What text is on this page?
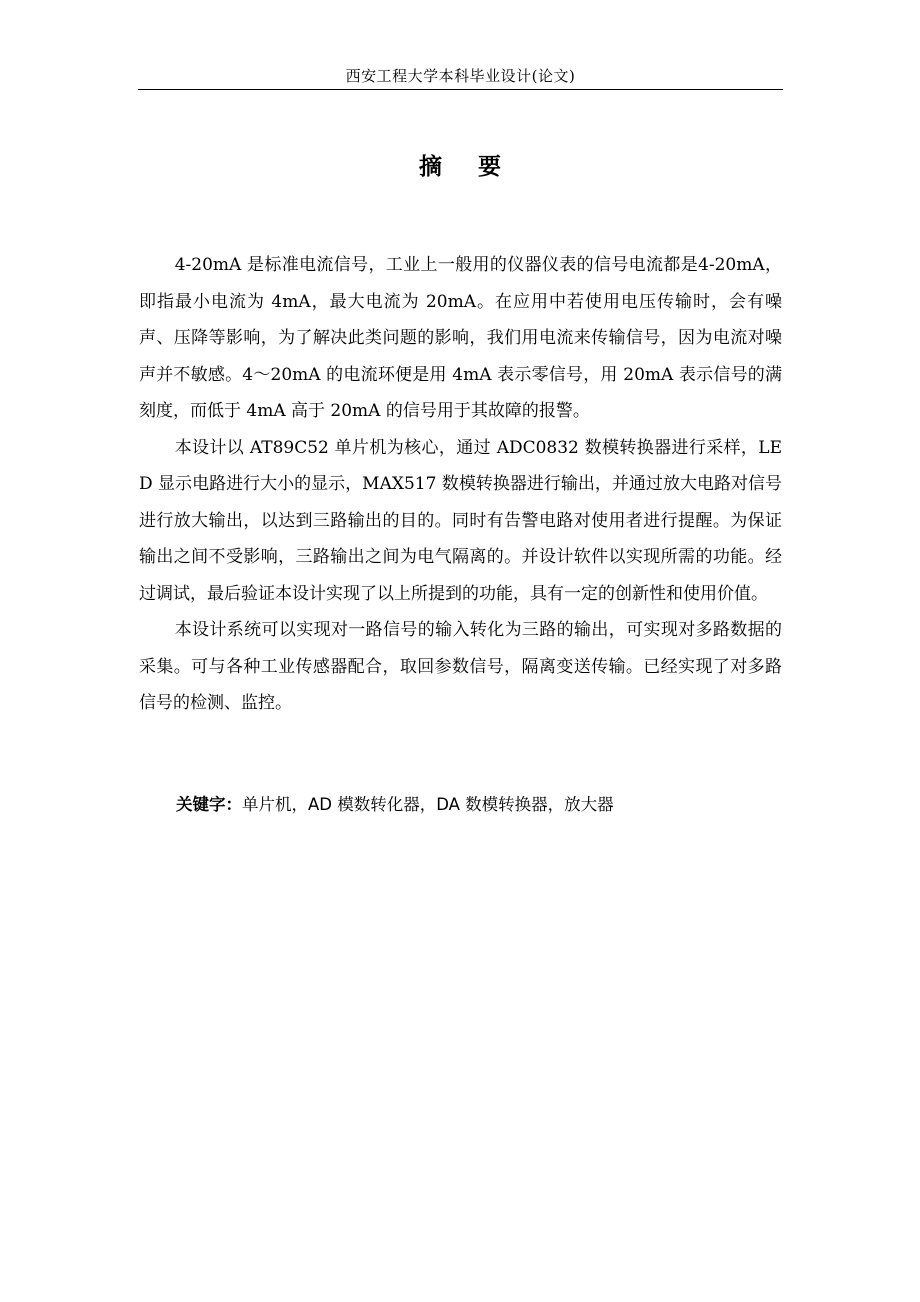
西安工程大学本科毕业设计(论文)
摘 要

4-20mA 是标准电流信号，工业上一般用的仪器仪表的信号电流都是4-20mA，即指最小电流为 4mA，最大电流为 20mA。在应用中若使用电压传输时，会有噪声、压降等影响，为了解决此类问题的影响，我们用电流来传输信号，因为电流对噪声并不敏感。4～20mA 的电流环便是用 4mA 表示零信号，用 20mA 表示信号的满刻度，而低于 4mA 高于 20mA 的信号用于其故障的报警。

本设计以 AT89C52 单片机为核心，通过 ADC0832 数模转换器进行采样，LED 显示电路进行大小的显示，MAX517 数模转换器进行输出，并通过放大电路对信号进行放大输出，以达到三路输出的目的。同时有告警电路对使用者进行提醒。为保证输出之间不受影响，三路输出之间为电气隔离的。并设计软件以实现所需的功能。经过调试，最后验证本设计实现了以上所提到的功能，具有一定的创新性和使用价值。

本设计系统可以实现对一路信号的输入转化为三路的输出，可实现对多路数据的采集。可与各种工业传感器配合，取回参数信号，隔离变送传输。已经实现了对多路信号的检测、监控。

关键字：单片机，AD 模数转化器，DA 数模转换器，放大器
